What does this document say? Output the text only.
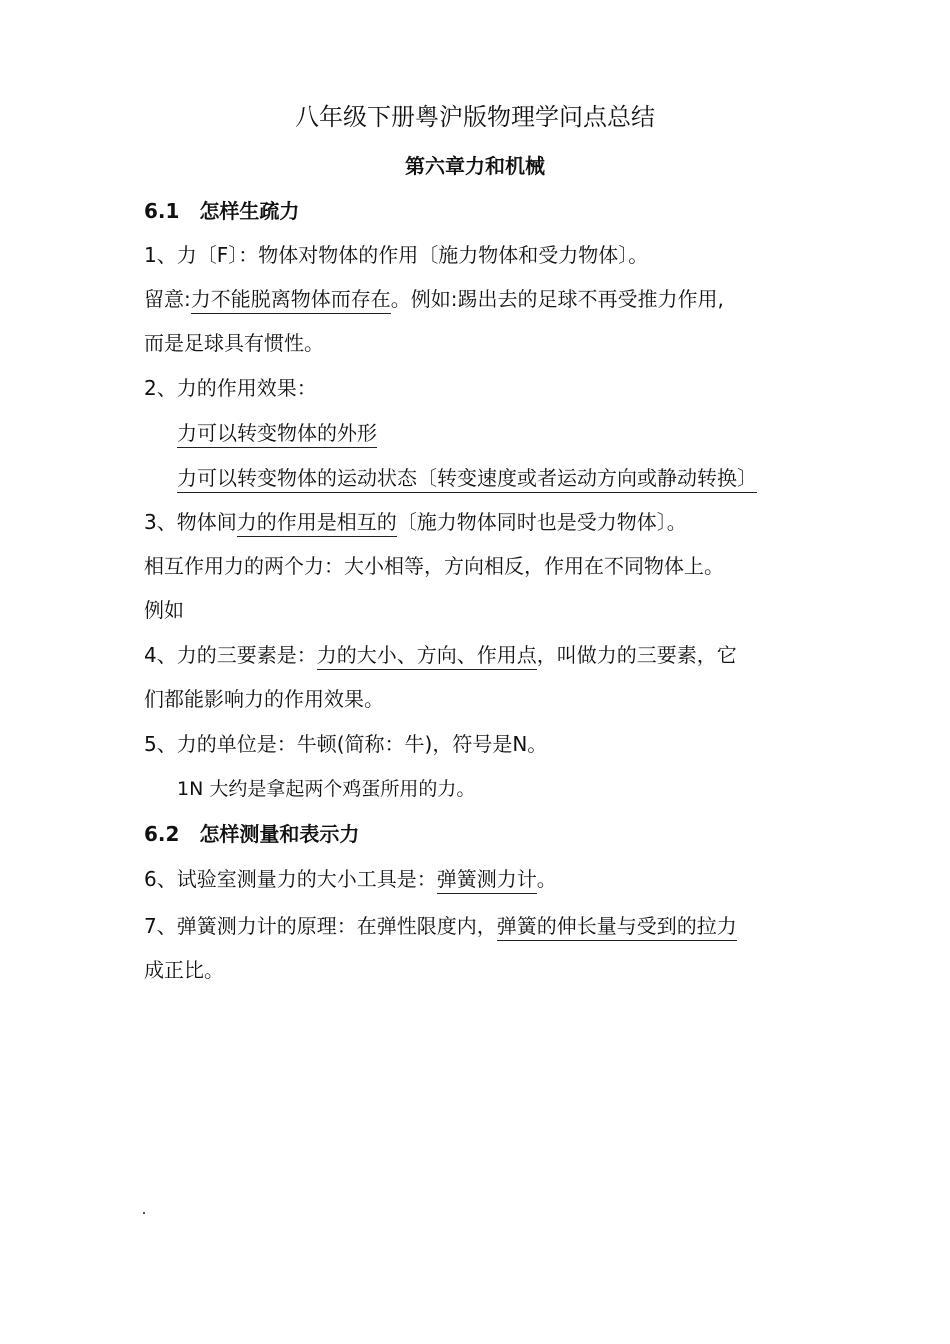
八年级下册粤沪版物理学问点总结
第六章力和机械
6.1　怎样生疏力
1、力〔F〕：物体对物体的作用〔施力物体和受力物体〕。
留意:力不能脱离物体而存在。例如:踢出去的足球不再受推力作用,
而是足球具有惯性。
2、力的作用效果：
力可以转变物体的外形
力可以转变物体的运动状态〔转变速度或者运动方向或静动转换〕
3、物体间力的作用是相互的〔施力物体同时也是受力物体〕。
相互作用力的两个力：大小相等，方向相反，作用在不同物体上。
例如
4、力的三要素是：力的大小、方向、作用点，叫做力的三要素，它
们都能影响力的作用效果。
5、力的单位是：牛顿(简称：牛)，符号是N。
1N 大约是拿起两个鸡蛋所用的力。
6.2　怎样测量和表示力
6、试验室测量力的大小工具是：弹簧测力计。
7、弹簧测力计的原理：在弹性限度内，弹簧的伸长量与受到的拉力
成正比。
